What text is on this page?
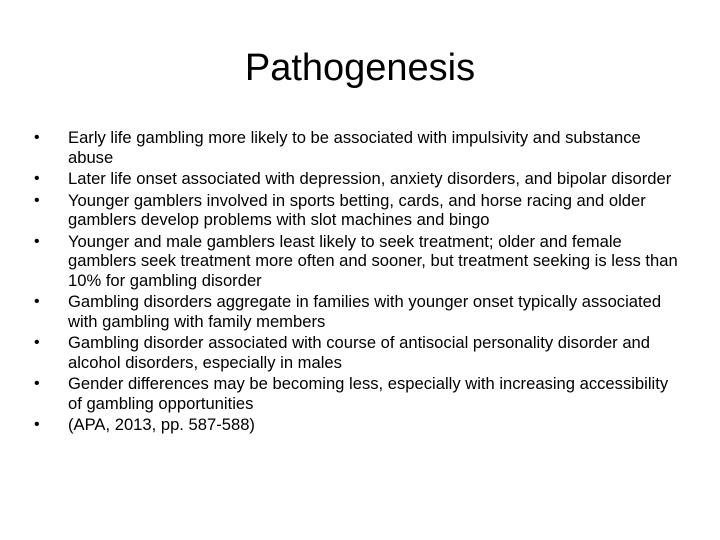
Pathogenesis
•	Early life gambling more likely to be associated with impulsivity and substance abuse
•	Later life onset associated with depression, anxiety disorders, and bipolar disorder
•	Younger gamblers involved in sports betting, cards, and horse racing and older gamblers develop problems with slot machines and bingo
•	Younger and male gamblers least likely to seek treatment; older and female gamblers seek treatment more often and sooner, but treatment seeking is less than 10% for gambling disorder
•	Gambling disorders aggregate in families with younger onset typically associated with gambling with family members
•	Gambling disorder associated with course of antisocial personality disorder and alcohol disorders, especially in males
•	Gender differences may be becoming less, especially with increasing accessibility of gambling opportunities
•	(APA, 2013, pp. 587-588)
